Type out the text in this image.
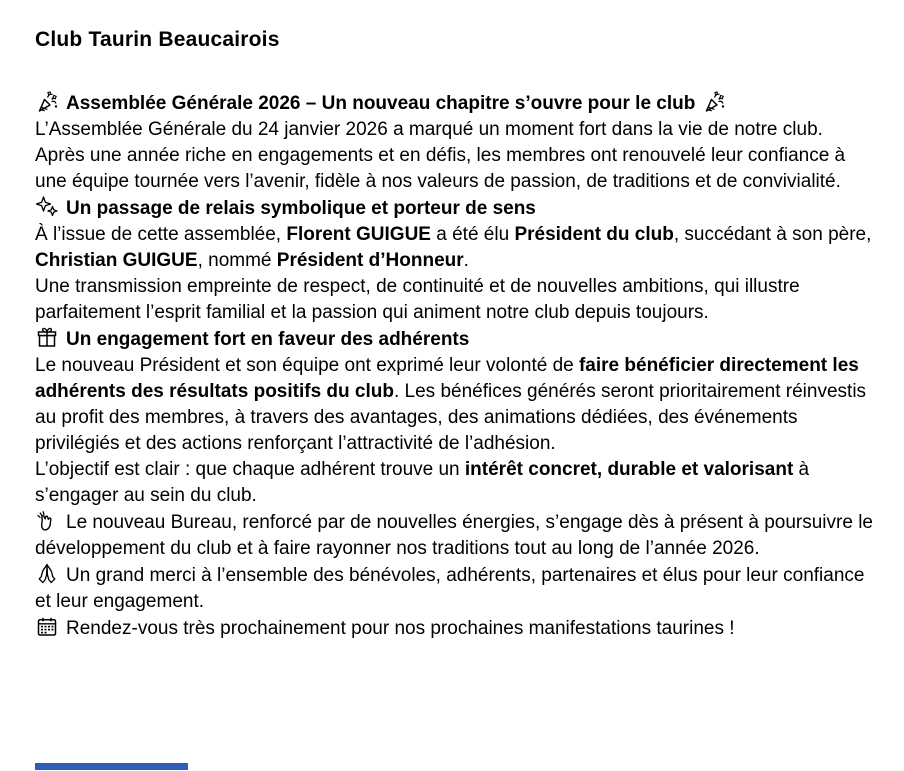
Club Taurin Beaucairois

Assemblée Générale 2026 – Un nouveau chapitre s’ouvre pour le club

L’Assemblée Générale du 24 janvier 2026 a marqué un moment fort dans la vie de notre club. Après une année riche en engagements et en défis, les membres ont renouvelé leur confiance à une équipe tournée vers l’avenir, fidèle à nos valeurs de passion, de traditions et de convivialité.

Un passage de relais symbolique et porteur de sens

À l’issue de cette assemblée, Florent GUIGUE a été élu Président du club, succédant à son père, Christian GUIGUE, nommé Président d’Honneur.

Une transmission empreinte de respect, de continuité et de nouvelles ambitions, qui illustre parfaitement l’esprit familial et la passion qui animent notre club depuis toujours.

Un engagement fort en faveur des adhérents

Le nouveau Président et son équipe ont exprimé leur volonté de faire bénéficier directement les adhérents des résultats positifs du club. Les bénéfices générés seront prioritairement réinvestis au profit des membres, à travers des avantages, des animations dédiées, des événements privilégiés et des actions renforçant l’attractivité de l’adhésion.

L’objectif est clair : que chaque adhérent trouve un intérêt concret, durable et valorisant à s’engager au sein du club.

Le nouveau Bureau, renforcé par de nouvelles énergies, s’engage dès à présent à poursuivre le développement du club et à faire rayonner nos traditions tout au long de l’année 2026.

Un grand merci à l’ensemble des bénévoles, adhérents, partenaires et élus pour leur confiance et leur engagement.

Rendez-vous très prochainement pour nos prochaines manifestations taurines !
